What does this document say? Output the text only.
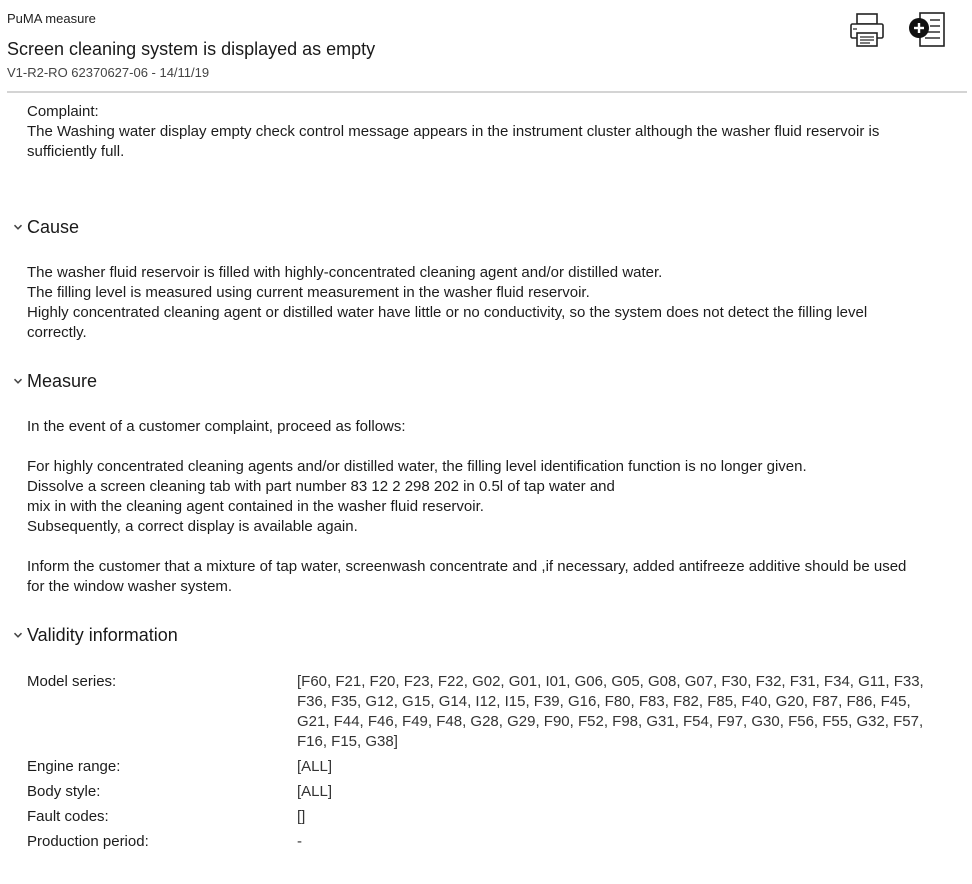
PuMA measure
Screen cleaning system is displayed as empty
V1-R2-RO 62370627-06 - 14/11/19

Complaint:

The Washing water display empty check control message appears in the instrument cluster although the washer fluid reservoir is sufficiently full.

Cause

The washer fluid reservoir is filled with highly-concentrated cleaning agent and/or distilled water.

The filling level is measured using current measurement in the washer fluid reservoir.

Highly concentrated cleaning agent or distilled water have little or no conductivity, so the system does not detect the filling level correctly.

Measure

In the event of a customer complaint, proceed as follows:

For highly concentrated cleaning agents and/or distilled water, the filling level identification function is no longer given.

Dissolve a screen cleaning tab with part number 83 12 2 298 202 in 0.5l of tap water and

mix in with the cleaning agent contained in the washer fluid reservoir.

Subsequently, a correct display is available again.

Inform the customer that a mixture of tap water, screenwash concentrate and ,if necessary, added antifreeze additive should be used for the window washer system.

Validity information
Model series:	[F60, F21, F20, F23, F22, G02, G01, I01, G06, G05, G08, G07, F30, F32, F31, F34, G11, F33, F36, F35, G12, G15, G14, I12, I15, F39, G16, F80, F83, F82, F85, F40, G20, F87, F86, F45, G21, F44, F46, F49, F48, G28, G29, F90, F52, F98, G31, F54, F97, G30, F56, F55, G32, F57, F16, F15, G38]
Engine range:	[ALL]
Body style:	[ALL]
Fault codes:	[]
Production period:	-
